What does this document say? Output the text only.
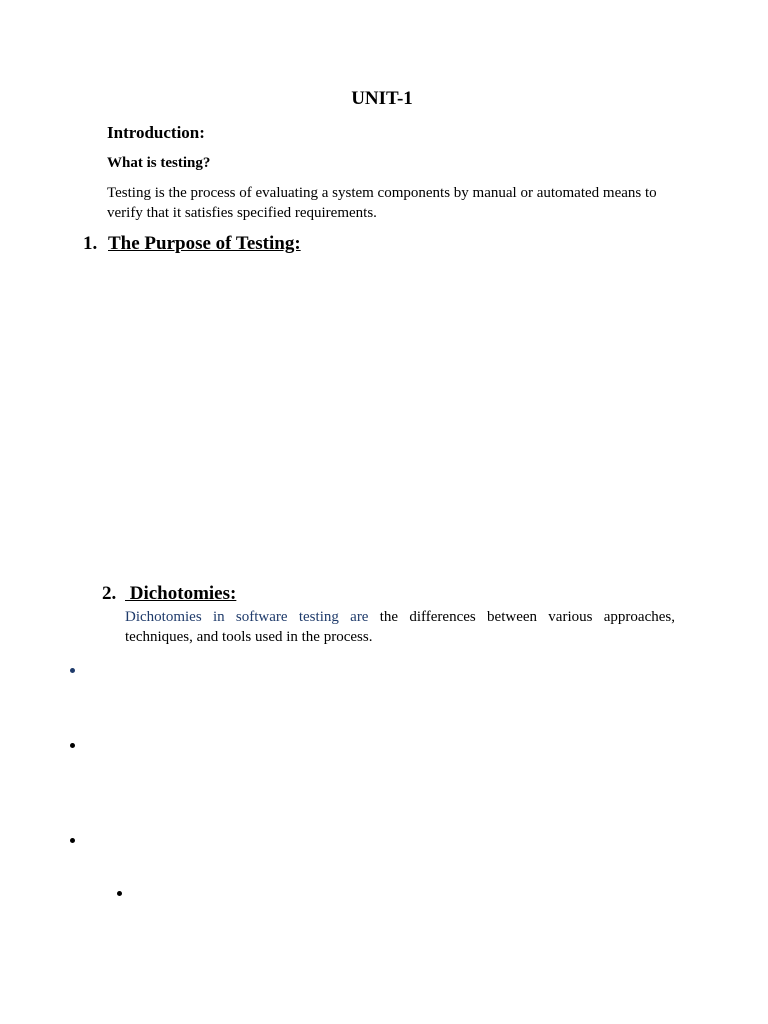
UNIT-1
Introduction:
What is testing?

Testing is the process of evaluating a system components by manual or automated means to verify that it satisfies specified requirements.

1. The Purpose of Testing:
2. Dichotomies:

Dichotomies in software testing are the differences between various approaches, techniques, and tools used in the process.
